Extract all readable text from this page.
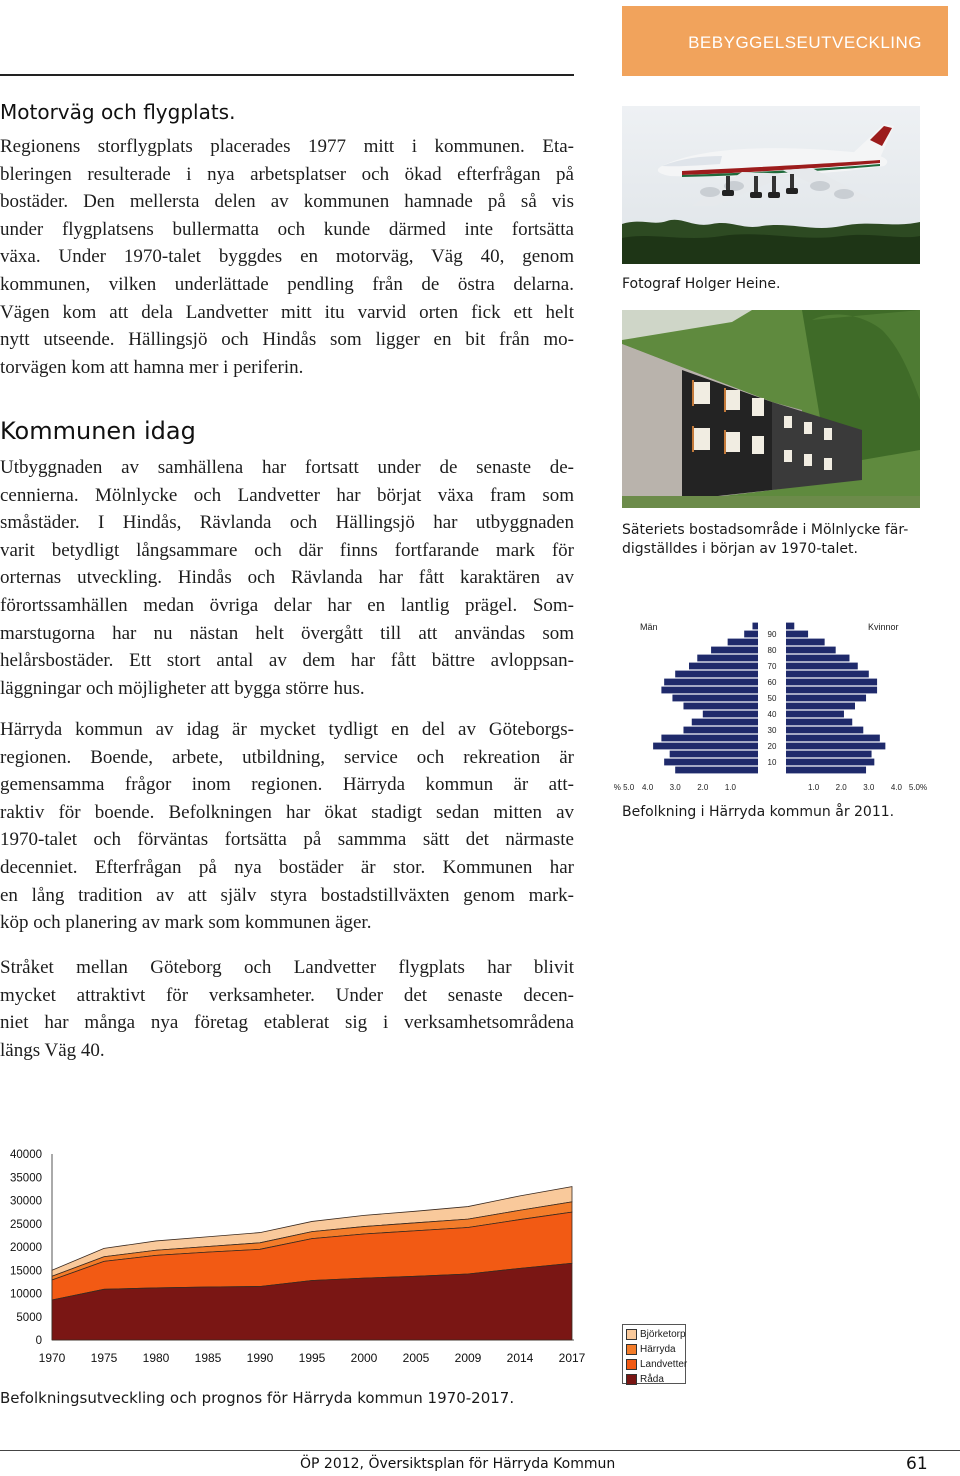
BEBYGGELSEUTVECKLING
Motorväg och flygplats.
Regionens storflygplats placerades 1977 mitt i kommunen. Eta-
bleringen resulterade i nya arbetsplatser och ökad efterfrågan på
bostäder. Den mellersta delen av kommunen hamnade på så vis
under flygplatsens bullermatta och kunde därmed inte fortsätta
växa. Under 1970-talet byggdes en motorväg, Väg 40, genom
kommunen, vilken underlättade pendling från de östra delarna.
Vägen kom att dela Landvetter mitt itu varvid orten fick ett helt
nytt utseende. Hällingsjö och Hindås som ligger en bit från mo-
torvägen kom att hamna mer i periferin.
Kommunen idag
Utbyggnaden av samhällena har fortsatt under de senaste de-
cennierna. Mölnlycke och Landvetter har börjat växa fram som
småstäder. I Hindås, Rävlanda och Hällingsjö har utbyggnaden
varit betydligt långsammare och där finns fortfarande mark för
orternas utveckling. Hindås och Rävlanda har fått karaktären av
förortssamhällen medan övriga delar har en lantlig prägel. Som-
marstugorna har nu nästan helt övergått till att användas som
helårsbostäder. Ett stort antal av dem har fått bättre avloppsan-
läggningar och möjligheter att bygga större hus.
Härryda kommun av idag är mycket tydligt en del av Göteborgs-
regionen. Boende, arbete, utbildning, service och rekreation är
gemensamma frågor inom regionen. Härryda kommun är att-
raktiv för boende. Befolkningen har ökat stadigt sedan mitten av
1970-talet och förväntas fortsätta på sammma sätt det närmaste
decenniet. Efterfrågan på nya bostäder är stor. Kommunen har
en lång tradition av att själv styra bostadstillväxten genom mark-
köp och planering av mark som kommunen äger.
Stråket mellan Göteborg och Landvetter flygplats har blivit
mycket attraktivt för verksamheter. Under det senaste decen-
niet har många nya företag etablerat sig i verksamhetsområdena
längs Väg 40.
Fotograf Holger Heine.
Säteriets bostadsområde i Mölnlycke fär-
digställdes i början av 1970-talet.
10
20
30
40
50
60
70
80
90
Män	Kvinnor
% 5.0 4.0 3.0 2.0 1.0	1.0 2.0 3.0 4.0 5.0%
Befolkning i Härryda kommun år 2011.
0
5000
10000
15000
20000
25000
30000
35000
40000
1970 1975 1980 1985 1990 1995 2000 2005 2009 2014 2017
Björketorp
Härryda
Landvetter
Råda
Befolkningsutveckling och prognos för Härryda kommun 1970-2017.
ÖP 2012, Översiktsplan för Härryda Kommun	61
